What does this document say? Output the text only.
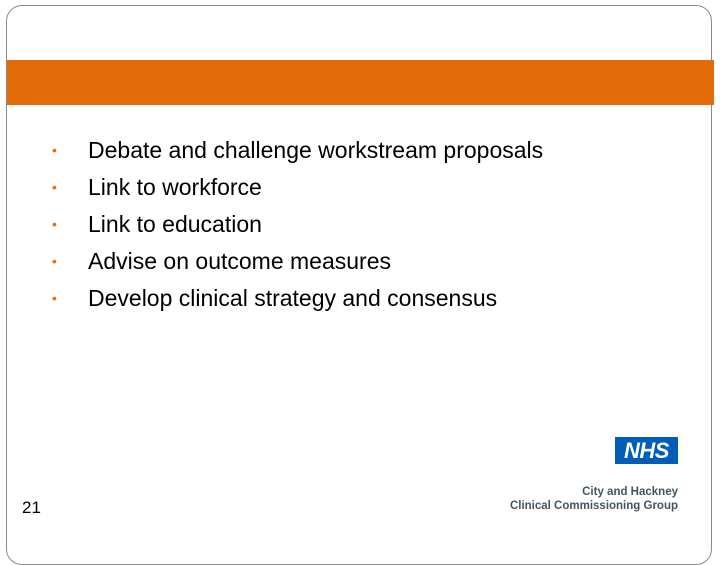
•	Debate and challenge workstream proposals
•	Link to workforce
•	Link to education
•	Advise on outcome measures
•	Develop clinical strategy and consensus
21
NHS
City and Hackney
Clinical Commissioning Group
